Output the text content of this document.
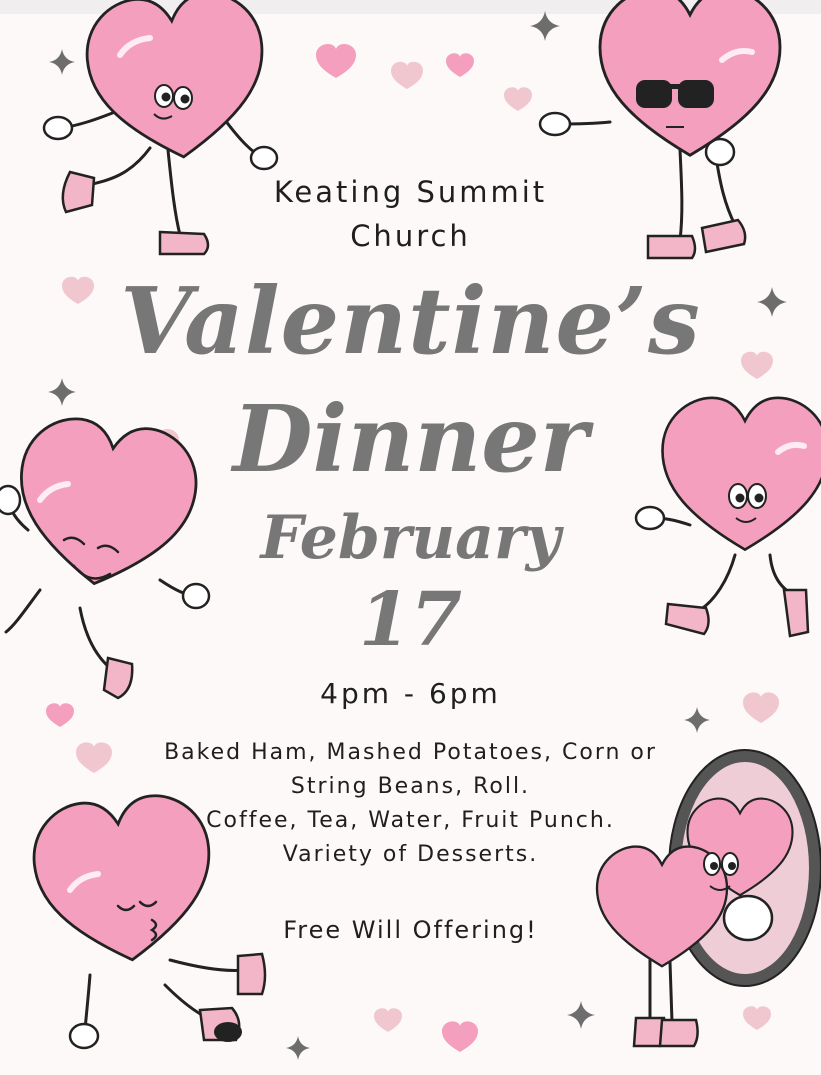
Keating Summit
Church
Valentine’s
Dinner
February
17
4pm - 6pm
Baked Ham, Mashed Potatoes, Corn or
String Beans, Roll.
Coffee, Tea, Water, Fruit Punch.
Variety of Desserts.
Free Will Offering!
